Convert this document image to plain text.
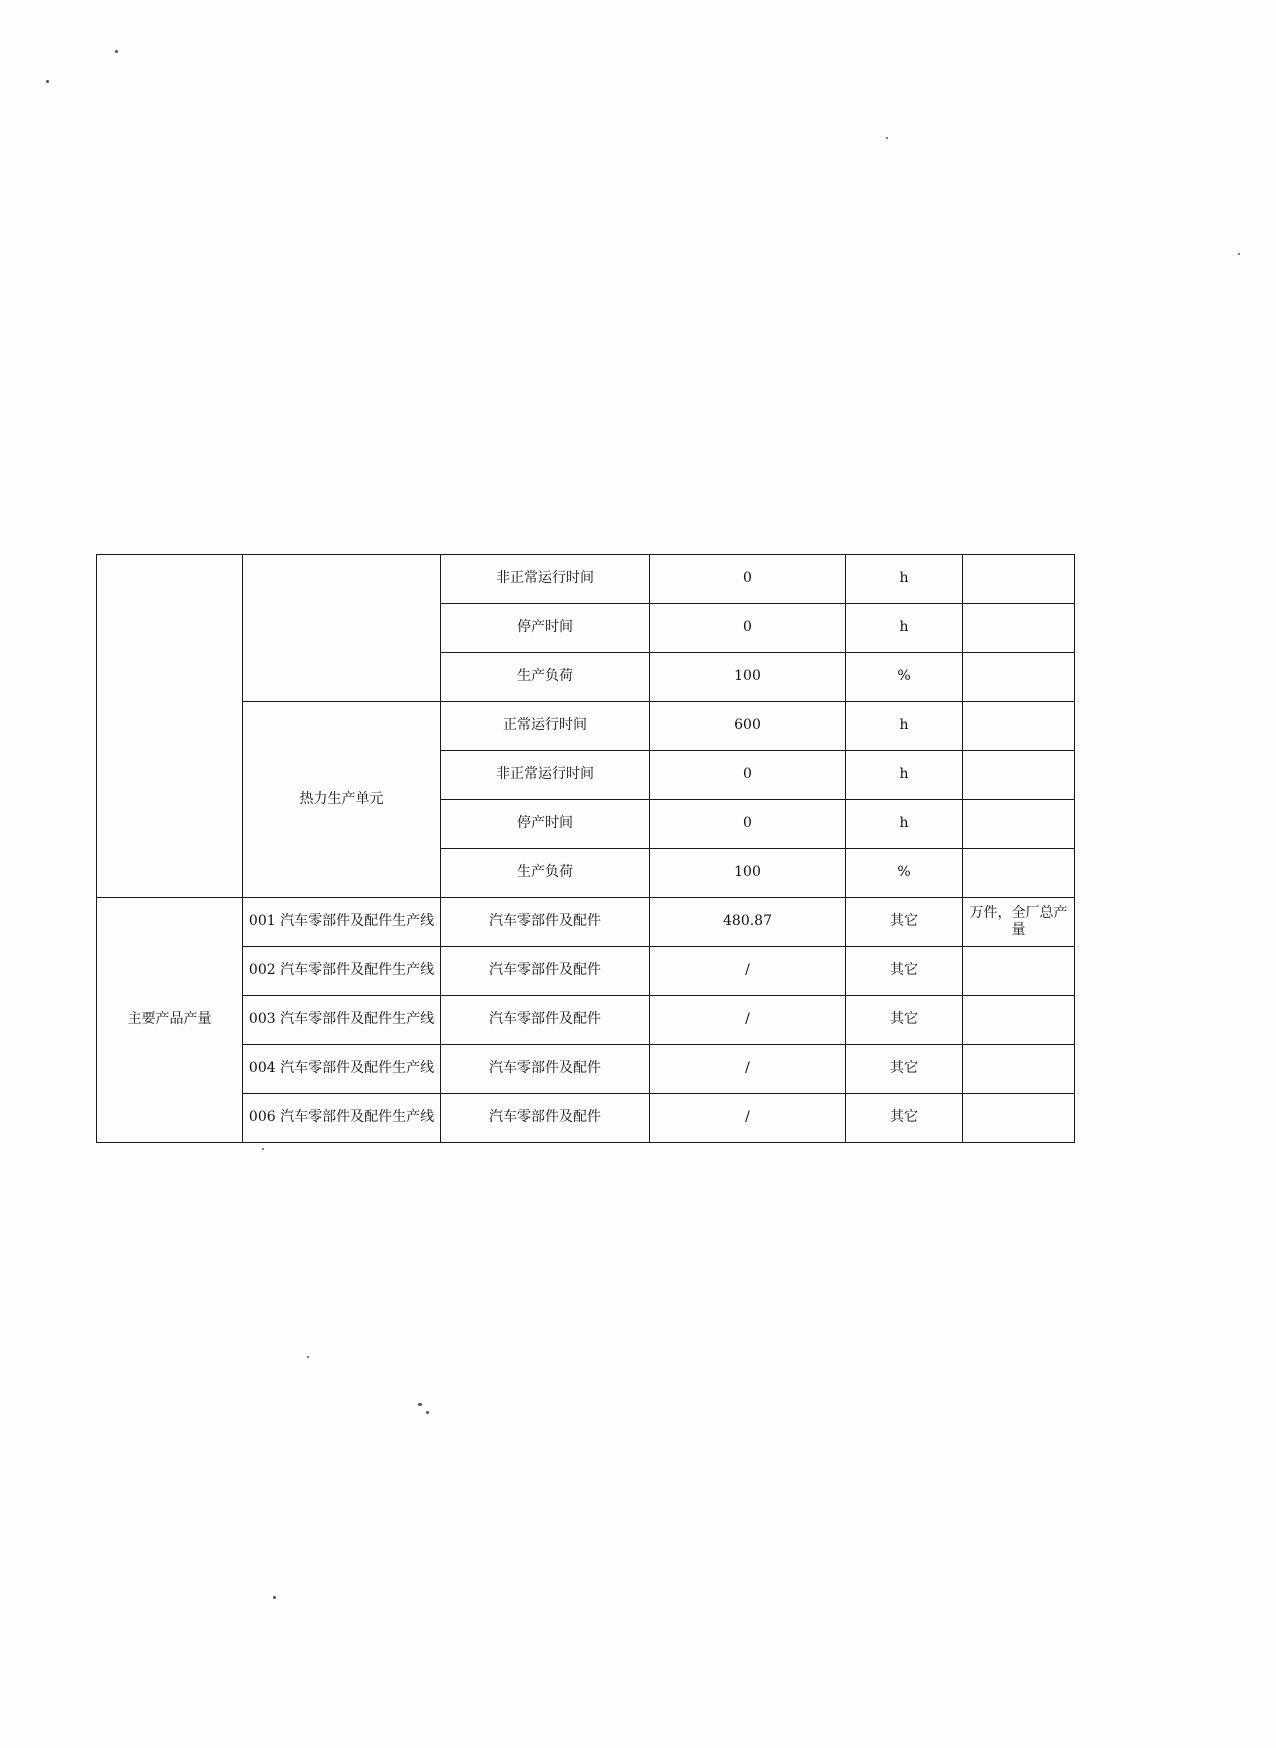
		非正常运行时间	0	h	
		停产时间	0	h	
		生产负荷	100	%	
	热力生产单元	正常运行时间	600	h	
		非正常运行时间	0	h	
		停产时间	0	h	
		生产负荷	100	%	
主要产品产量	001 汽车零部件及配件生产线	汽车零部件及配件	480.87	其它	万件，全厂总产量
	002 汽车零部件及配件生产线	汽车零部件及配件	/	其它	
	003 汽车零部件及配件生产线	汽车零部件及配件	/	其它	
	004 汽车零部件及配件生产线	汽车零部件及配件	/	其它	
	006 汽车零部件及配件生产线	汽车零部件及配件	/	其它	
